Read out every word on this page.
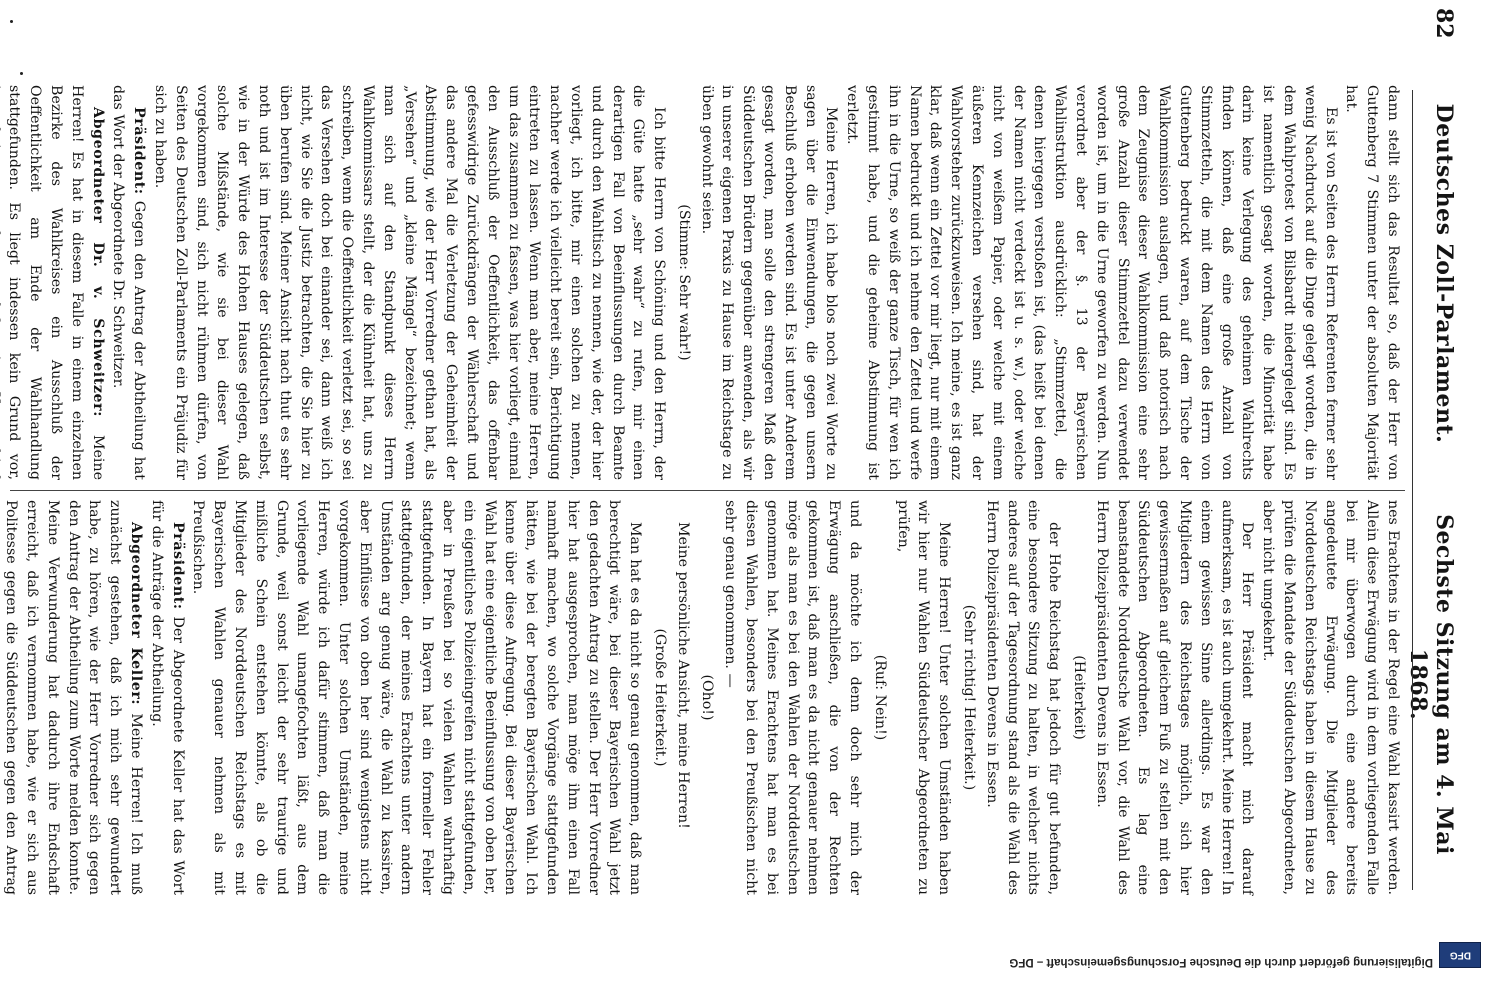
82
Deutsches Zoll-Parlament.
Sechste Sitzung am 4. Mai 1868.

dann stellt sich das Resultat so, daß der Herr von Guttenberg 7 Stimmen unter der absoluten Majorität hat.

Es ist von Seiten des Herrn Referenten ferner sehr wenig Nachdruck auf die Dinge gelegt worden, die in dem Wahlprotest von Bilsbardt niedergelegt sind. Es ist namentlich gesagt worden, die Minorität habe darin keine Verlegung des geheimen Wahlrechts finden können, daß eine große Anzahl von Stimmzetteln, die mit dem Namen des Herrn von Guttenberg bedruckt waren, auf dem Tische der Wahlkommission auslagen, und daß notorisch nach dem Zeugnisse dieser Wahlkommission eine sehr große Anzahl dieser Stimmzettel dazu verwendet worden ist, um in die Urne geworfen zu werden. Nun verordnet aber der §. 13 der Bayerischen Wahlinstruktion ausdrücklich: „Stimmzettel, die denen hiergegen verstoßen ist, (das heißt bei denen der Namen nicht verdeckt ist u. s. w.), oder welche nicht von weißem Papier, oder welche mit einem äußeren Kennzeichen versehen sind, hat der Wahlvorsteher zurückzuweisen. Ich meine, es ist ganz klar, daß wenn ein Zettel vor mir liegt, nur mit einem Namen bedruckt und ich nehme den Zettel und werfe ihn in die Urne, so weiß der ganze Tisch, für wen ich gestimmt habe, und die geheime Abstimmung ist verletzt.

Meine Herren, ich habe blos noch zwei Worte zu sagen über die Einwendungen, die gegen unsern Beschluß erhoben werden sind. Es ist unter Anderem gesagt worden, man solle den strengeren Maß den Süddeutschen Brüdern gegenüber anwenden, als wir in unserer eigenen Praxis zu Hause im Reichstage zu üben gewohnt seien.

(Stimme: Sehr wahr!)

Ich bitte Herrn von Schöning und den Herrn, der die Güte hatte „sehr wahr“ zu rufen, mir einen derartigen Fall von Beeinflussungen durch Beamte und durch den Wahltisch zu nennen, wie der, der hier vorliegt, ich bitte, mir einen solchen zu nennen, nachher werde ich vielleicht bereit sein, Berichtigung eintreten zu lassen. Wenn man aber, meine Herren, um das zusammen zu fassen, was hier vorliegt, einmal den Ausschluß der Oeffentlichkeit, das offenbar gefesswidrige Zurückdrängen der Wählerschaft und das andere Mal die Verletzung der Geheimheit der Abstimmung, wie der Herr Vorredner gethan hat, als „Versehen“ und „kleine Mängel“ bezeichnet; wenn man sich auf den Standpunkt dieses Herrn Wahlkommissars stellt, der die Kühnheit hat, uns zu schreiben, wenn die Oeffentlichkeit verletzt sei, so sei das Versehen doch bei einander sei, dann weiß ich nicht, wie Sie die Justiz betrachten, die Sie hier zu üben berufen sind. Meiner Ansicht nach thut es sehr noth und ist im Interesse der Süddeutschen selbst, wie in der Würde des Hohen Hauses gelegen, daß solche Mißstände, wie sie bei dieser Wahl vorgekommen sind, sich nicht rühmen dürfen, von Seiten des Deutschen Zoll-Parlaments ein Präjudiz für sich zu haben.

Präsident: Gegen den Antrag der Abtheilung hat das Wort der Abgeordnete Dr. Schweitzer.

Abgeordneter Dr. v. Schweitzer: Meine Herren! Es hat in diesem Falle in einem einzelnen Bezirke des Wahlkreises ein Ausschluß der Oeffentlichkeit am Ende der Wahlhandlung stattgefunden. Es liegt indessen kein Grund vor,

nes Erachtens in der Regel eine Wahl kassirt werden. Allein diese Erwägung wird in dem vorliegenden Falle bei mir überwogen durch eine andere bereits angedeutete Erwägung. Die Mitglieder des Norddeutschen Reichstags haben in diesem Hause zu prüfen die Mandate der Süddeutschen Abgeordneten, aber nicht umgekehrt.

Der Herr Präsident macht mich darauf aufmerksam, es ist auch umgekehrt. Meine Herren! In einem gewissen Sinne allerdings. Es war den Mitgliedern des Reichstages möglich, sich hier gewissermaßen auf gleichem Fuß zu stellen mit den Süddeutschen Abgeordneten. Es lag eine beanstandete Norddeutsche Wahl vor, die Wahl des Herrn Polizeipräsidenten Devens in Essen.

(Heiterkeit)

der Hohe Reichstag hat jedoch für gut befunden, eine besondere Sitzung zu halten, in welcher nichts anderes auf der Tagesordnung stand als die Wahl des Herrn Polizeipräsidenten Devens in Essen.

(Sehr richtig! Heiterkeit.)

Meine Herren! Unter solchen Umständen haben wir hier nur Wahlen Süddeutscher Abgeordneten zu prüfen,

(Ruf: Nein!)

und da möchte ich denn doch sehr mich der Erwägung anschließen, die von der Rechten gekommen ist, daß man es da nicht genauer nehmen möge als man es bei den Wahlen der Norddeutschen genommen hat. Meines Erachtens hat man es bei diesen Wahlen, besonders bei den Preußischen nicht sehr genau genommen. —

(Oho!)

Meine persönliche Ansicht, meine Herren!

(Große Heiterkeit.)

Man hat es da nicht so genau genommen, daß man berechtigt wäre, bei dieser Bayerischen Wahl jetzt den gedachten Antrag zu stellen. Der Herr Vorredner hier hat ausgesprochen, man möge ihm einen Fall namhaft machen, wo solche Vorgänge stattgefunden hätten, wie bei der beregten Bayerischen Wahl. Ich kenne über diese Aufregung. Bei dieser Bayerischen Wahl hat eine eigentliche Beeinflussung von oben her, ein eigentliches Polizeieingreifen nicht stattgefunden, aber in Preußen bei so vielen Wahlen wahrhaftig stattgefunden. In Bayern hat ein formeller Fehler stattgefunden, der meines Erachtens unter andern Umständen arg genug wäre, die Wahl zu kassiren, aber Einflüsse von oben her sind wenigstens nicht vorgekommen. Unter solchen Umständen, meine Herren, würde ich dafür stimmen, daß man die vorliegende Wahl unangefochten läßt, aus dem Grunde, weil sonst leicht der sehr traurige und mißliche Schein entstehen könnte, als ob die Mitglieder des Norddeutschen Reichstags es mit Bayerischen Wahlen genauer nehmen als mit Preußischen.

Präsident: Der Abgeordnete Keller hat das Wort für die Anträge der Abtheilung.

Abgeordneter Keller: Meine Herren! Ich muß zunächst gestehen, daß ich mich sehr gewundert habe, zu hören, wie der Herr Vorredner sich gegen den Antrag der Abtheilung zum Worte melden konnte. Meine Verwunderung hat dadurch ihre Endschaft erreicht, daß ich vernommen habe, wie er sich aus Politesse gegen die Süddeutschen gegen den Antrag

DFG
Digitalisierung gefördert durch die Deutsche Forschungsgemeinschaft – DFG
